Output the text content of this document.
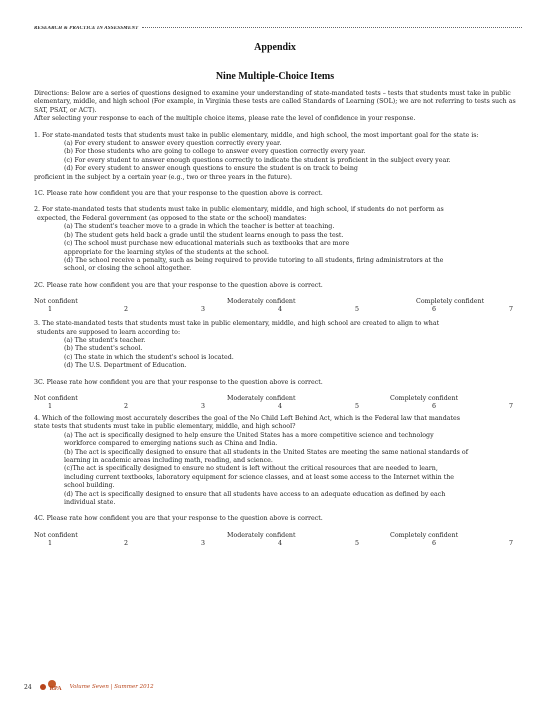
RESEARCH & PRACTICE IN ASSESSMENT
Appendix
Nine Multiple-Choice Items

Directions: Below are a series of questions designed to examine your understanding of state-mandated tests – tests that students must take in public elementary, middle, and high school (For example, in Virginia these tests are called Standards of Learning (SOL); we are not referring to tests such as SAT, PSAT, or ACT).

After selecting your response to each of the multiple choice items, please rate the level of confidence in your response.

1. For state-mandated tests that students must take in public elementary, middle, and high school, the most important goal for the state is:

(a) For every student to answer every question correctly every year.

(b) For those students who are going to college to answer every question correctly every year.

(c) For every student to answer enough questions correctly to indicate the student is proficient in the subject every year.

(d) For every student to answer enough questions to ensure the student is on track to being

proficient in the subject by a certain year (e.g., two or three years in the future).

1C. Please rate how confident you are that your response to the question above is correct.

2. For state-mandated tests that students must take in public elementary, middle, and high school, if students do not perform as

expected, the Federal government (as opposed to the state or the school) mandates:

(a) The student's teacher move to a grade in which the teacher is better at teaching.

(b) The student gets held back a grade until the student learns enough to pass the test.

(c) The school must purchase new educational materials such as textbooks that are more

appropriate for the learning styles of the students at the school.

(d) The school receive a penalty, such as being required to provide tutoring to all students, firing administrators at the

school, or closing the school altogether.

2C. Please rate how confident you are that your response to the question above is correct.

Not confident	Moderately confident	Completely confident
1	2	3	4	5	6	7

3. The state-mandated tests that students must take in public elementary, middle, and high school are created to align to what

students are supposed to learn according to:

(a) The student's teacher.

(b) The student's school.

(c) The state in which the student's school is located.

(d) The U.S. Department of Education.

3C. Please rate how confident you are that your response to the question above is correct.

Not confident	Moderately confident	Completely confident
1	2	3	4	5	6	7

4. Which of the following most accurately describes the goal of the No Child Left Behind Act, which is the Federal law that mandates

state tests that students must take in public elementary, middle, and high school?

(a) The act is specifically designed to help ensure the United States has a more competitive science and technology

workforce compared to emerging nations such as China and India.

(b) The act is specifically designed to ensure that all students in the United States are meeting the same national standards of

learning in academic areas including math, reading, and science.

(c)The act is specifically designed to ensure no student is left without the critical resources that are needed to learn,

including current textbooks, laboratory equipment for science classes, and at least some access to the Internet within the

school building.

(d) The act is specifically designed to ensure that all students have access to an adequate education as defined by each

individual state.

4C. Please rate how confident you are that your response to the question above is correct.

Not confident	Moderately confident	Completely confident
1	2	3	4	5	6	7
24	RPA Volume Seven | Summer 2012
